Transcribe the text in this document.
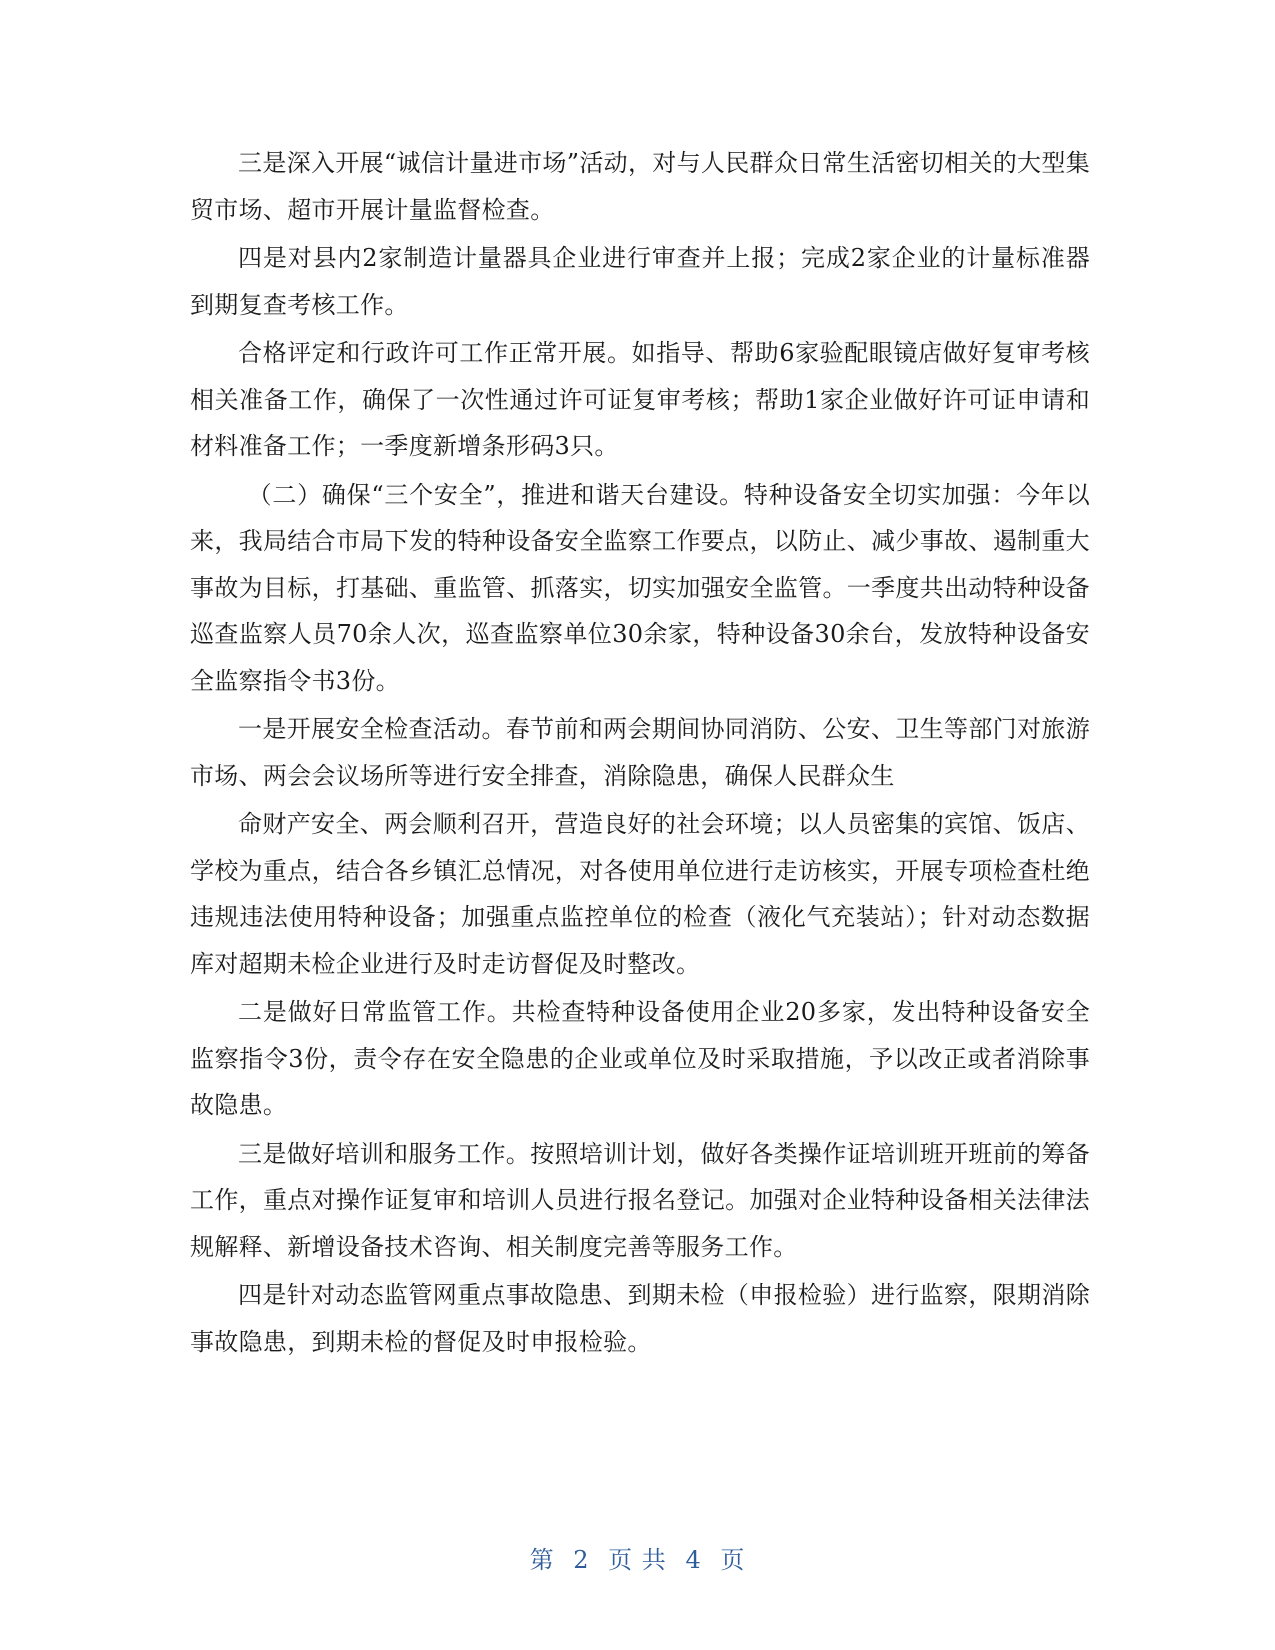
三是深入开展“诚信计量进市场”活动，对与人民群众日常生活密切相关的大型集贸市场、超市开展计量监督检查。

四是对县内2家制造计量器具企业进行审查并上报；完成2家企业的计量标准器到期复查考核工作。

合格评定和行政许可工作正常开展。如指导、帮助6家验配眼镜店做好复审考核相关准备工作，确保了一次性通过许可证复审考核；帮助1家企业做好许可证申请和材料准备工作；一季度新增条形码3只。

（二）确保“三个安全”，推进和谐天台建设。特种设备安全切实加强：今年以来，我局结合市局下发的特种设备安全监察工作要点，以防止、减少事故、遏制重大事故为目标，打基础、重监管、抓落实，切实加强安全监管。一季度共出动特种设备巡查监察人员70余人次，巡查监察单位30余家，特种设备30余台，发放特种设备安全监察指令书3份。

一是开展安全检查活动。春节前和两会期间协同消防、公安、卫生等部门对旅游市场、两会会议场所等进行安全排查，消除隐患，确保人民群众生

命财产安全、两会顺利召开，营造良好的社会环境；以人员密集的宾馆、饭店、学校为重点，结合各乡镇汇总情况，对各使用单位进行走访核实，开展专项检查杜绝违规违法使用特种设备；加强重点监控单位的检查（液化气充装站）；针对动态数据库对超期未检企业进行及时走访督促及时整改。

二是做好日常监管工作。共检查特种设备使用企业20多家，发出特种设备安全监察指令3份，责令存在安全隐患的企业或单位及时采取措施，予以改正或者消除事故隐患。

三是做好培训和服务工作。按照培训计划，做好各类操作证培训班开班前的筹备工作，重点对操作证复审和培训人员进行报名登记。加强对企业特种设备相关法律法规解释、新增设备技术咨询、相关制度完善等服务工作。

四是针对动态监管网重点事故隐患、到期未检（申报检验）进行监察，限期消除事故隐患，到期未检的督促及时申报检验。

第 2 页 共 4 页
